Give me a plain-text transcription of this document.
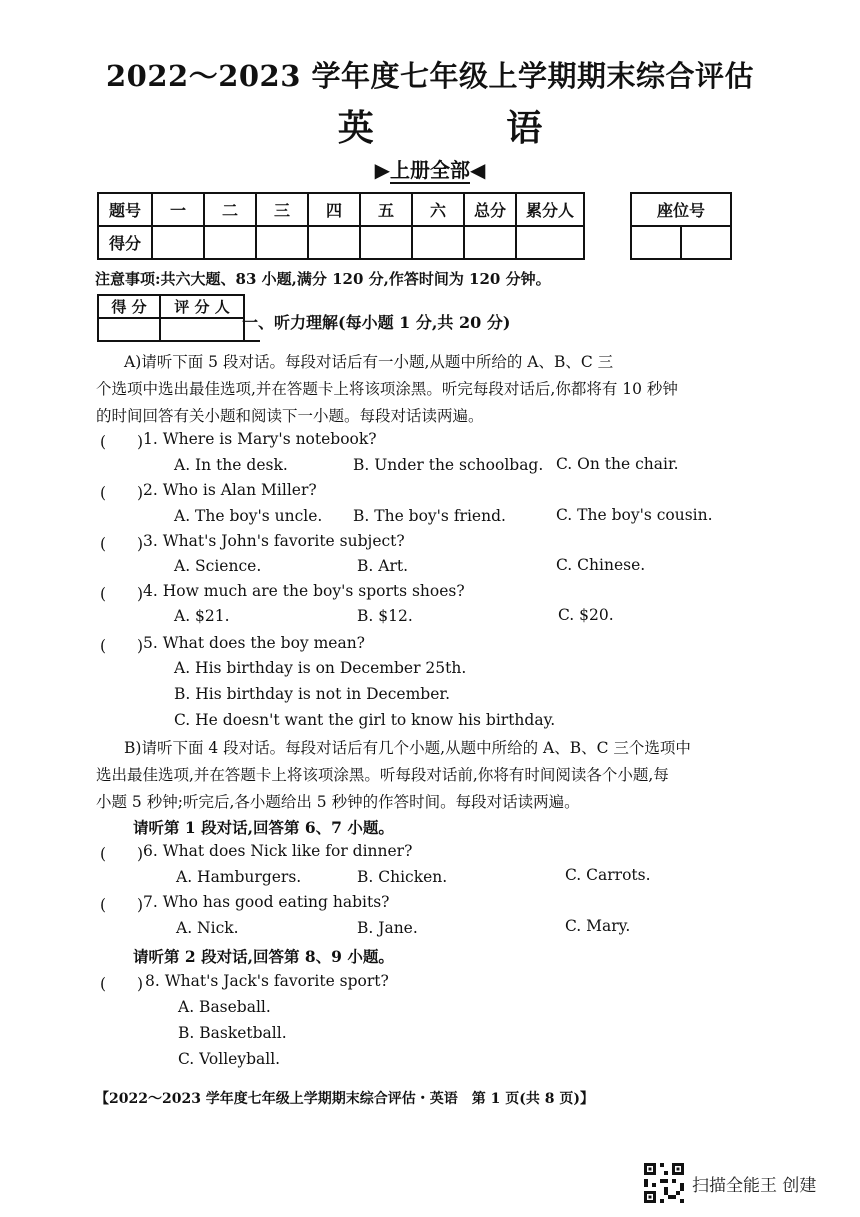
2022～2023 学年度七年级上学期期末综合评估
英 语
▶上册全部◀
题号	一	二	三	四	五	六	总分	累分人
得分								
座位号

注意事项:共六大题、83 小题,满分 120 分,作答时间为 120 分钟。
得 分	评 分 人

一、听力理解(每小题 1 分,共 20 分)
A)请听下面 5 段对话。每段对话后有一小题,从题中所给的 A、B、C 三
个选项中选出最佳选项,并在答题卡上将该项涂黑。听完每段对话后,你都将有 10 秒钟
的时间回答有关小题和阅读下一小题。每段对话读两遍。
(　　) 1. Where is Mary's notebook?
A. In the desk.	B. Under the schoolbag. C. On the chair.
(　　) 2. Who is Alan Miller?
A. The boy's uncle. B. The boy's friend.	C. The boy's cousin.
(　　) 3. What's John's favorite subject?
A. Science.	B. Art.	C. Chinese.
(　　) 4. How much are the boy's sports shoes?
A. $21.	B. $12.	C. $20.
(　　) 5. What does the boy mean?
A. His birthday is on December 25th.
B. His birthday is not in December.
C. He doesn't want the girl to know his birthday.
B)请听下面 4 段对话。每段对话后有几个小题,从题中所给的 A、B、C 三个选项中
选出最佳选项,并在答题卡上将该项涂黑。听每段对话前,你将有时间阅读各个小题,每
小题 5 秒钟;听完后,各小题给出 5 秒钟的作答时间。每段对话读两遍。
请听第 1 段对话,回答第 6、7 小题。
(　　) 6. What does Nick like for dinner?
A. Hamburgers.	B. Chicken.	C. Carrots.
(　　) 7. Who has good eating habits?
A. Nick.	B. Jane.	C. Mary.
请听第 2 段对话,回答第 8、9 小题。
(　　) 8. What's Jack's favorite sport?
A. Baseball.
B. Basketball.
C. Volleyball.
【2022～2023 学年度七年级上学期期末综合评估・英语　第 1 页(共 8 页)】
扫描全能王 创建
